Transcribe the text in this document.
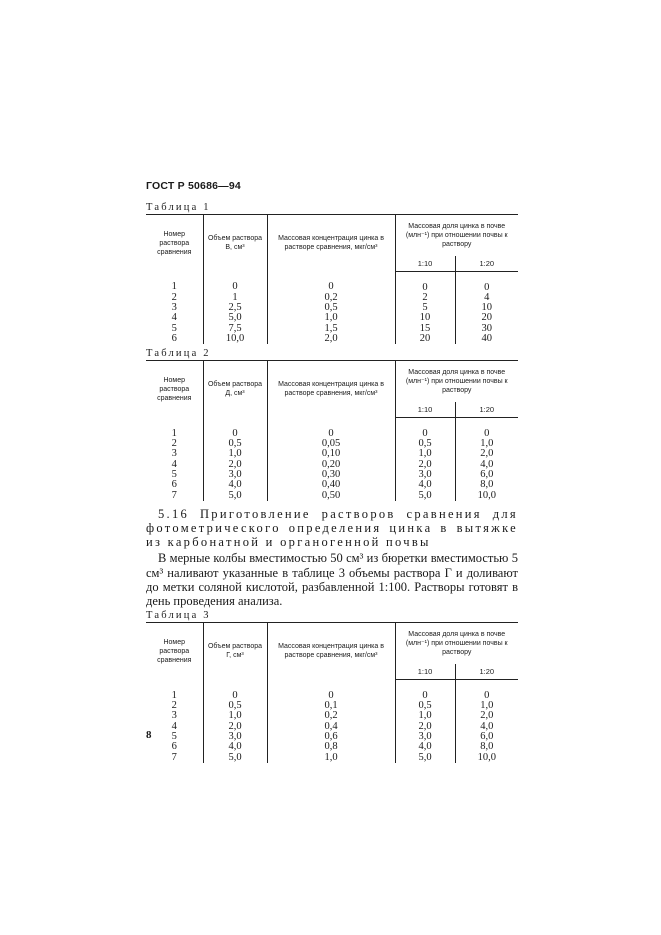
ГОСТ Р 50686—94
Таблица 1
Номер раствора сравнения	Объем раствора В, см³	Массовая концентрация цинка в растворе сравнения, мкг/см³	Массовая доля цинка в почве (млн⁻¹) при отношении почвы к раствору	
			1:10	1:20
1	0	0	0	0
2	1	0,2	2	4
3	2,5	0,5	5	10
4	5,0	1,0	10	20
5	7,5	1,5	15	30
6	10,0	2,0	20	40
Таблица 2
Номер раствора сравнения	Объем раствора Д, см³	Массовая концентрация цинка в растворе сравнения, мкг/см³	Массовая доля цинка в почве (млн⁻¹) при отношении почвы к раствору	
			1:10	1:20
1	0	0	0	0
2	0,5	0,05	0,5	1,0
3	1,0	0,10	1,0	2,0
4	2,0	0,20	2,0	4,0
5	3,0	0,30	3,0	6,0
6	4,0	0,40	4,0	8,0
7	5,0	0,50	5,0	10,0

5.16 Приготовление растворов сравнения для фотометрического определения цинка в вытяжке из карбонатной и органогенной почвы

В мерные колбы вместимостью 50 см³ из бюретки вместимостью 5 см³ наливают указанные в таблице 3 объемы раствора Г и доливают до метки соляной кислотой, разбавленной 1:100. Растворы готовят в день проведения анализа.

Таблица 3
Номер раствора сравнения	Объем раствора Г, см³	Массовая концентрация цинка в растворе сравнения, мкг/см³	Массовая доля цинка в почве (млн⁻¹) при отношении почвы к раствору	
			1:10	1:20
1	0	0	0	0
2	0,5	0,1	0,5	1,0
3	1,0	0,2	1,0	2,0
4	2,0	0,4	2,0	4,0
5	3,0	0,6	3,0	6,0
6	4,0	0,8	4,0	8,0
7	5,0	1,0	5,0	10,0
8
